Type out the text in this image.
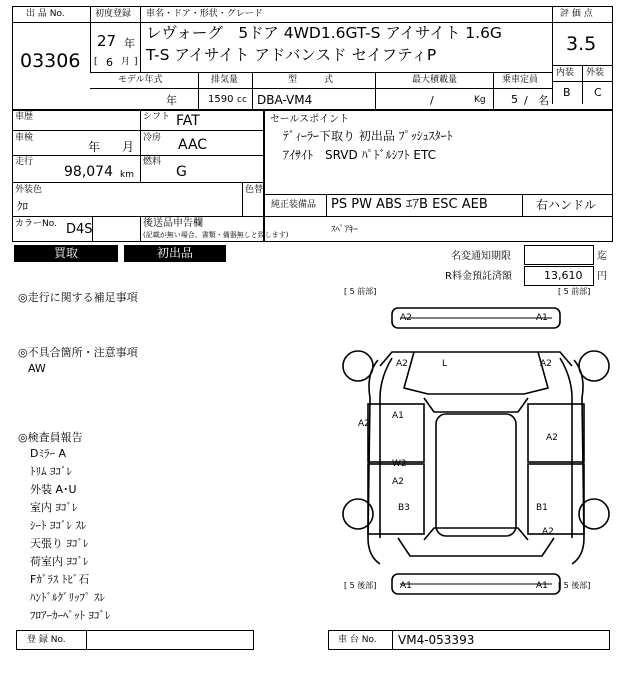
出 品 No.
03306
初度登録
27 年
[ 6 月 ]
車名・ドア・形状・グレード
レヴォーグ　5ドア 4WD1.6GT-S アイサイト 1.6G
T-S アイサイト アドバンスド セイフティP
評 価 点
3.5
内装 外装
B C
モデル年式	排気量	型　　　式	最大積載量	乗車定員
年	1590 cc DBA-VM4	/	Kg 5 / 名
車歴	シフト FAT
車検
年 月
冷房 AAC
走行
98,074 km
燃料
G
外装色
ｸﾛ
色替
カラーNo. D4S	後送品申告欄
(記載が無い場合、書類・備器無しと致します)
セールスポイント
ﾃﾞｨｰﾗｰ下取り 初出品 ﾌﾟｯｼｭｽﾀｰﾄ
ｱｲｻｲﾄ　SRVD ﾊﾟﾄﾞﾙｼﾌﾄ ETC
純正装備品 PS PW ABS ｴｱB ESC AEB	右ハンドル
ｽﾍﾟｱｷｰ
買取	初出品	名変通知期限	迄
R料金預託済額	13,610 円
◎走行に関する補足事項
◎不具合箇所・注意事項
AW
◎検査員報告
Dﾐﾗｰ A
ﾄﾘﾑ ﾖｺﾞﾚ
外装 A･U
室内 ﾖｺﾞﾚ
ｼｰﾄ ﾖｺﾞﾚ ｽﾚ
天張り ﾖｺﾞﾚ
荷室内 ﾖｺﾞﾚ
Fｶﾞﾗｽ ﾄﾋﾞ石
ﾊﾝﾄﾞﾙｸﾞﾘｯﾌﾟ ｽﾚ
ﾌﾛｱｰｶｰﾍﾟｯﾄ ﾖｺﾞﾚ
[ 5 前部]	[ 5 前部]
[ 5 後部]	[ 5 後部]
A2	A1
A2	L	A2
A1
A2
A2
W2
A2
B3	B1
A2
A1	A1
登 録 No.	車 台 No. VM4-053393
